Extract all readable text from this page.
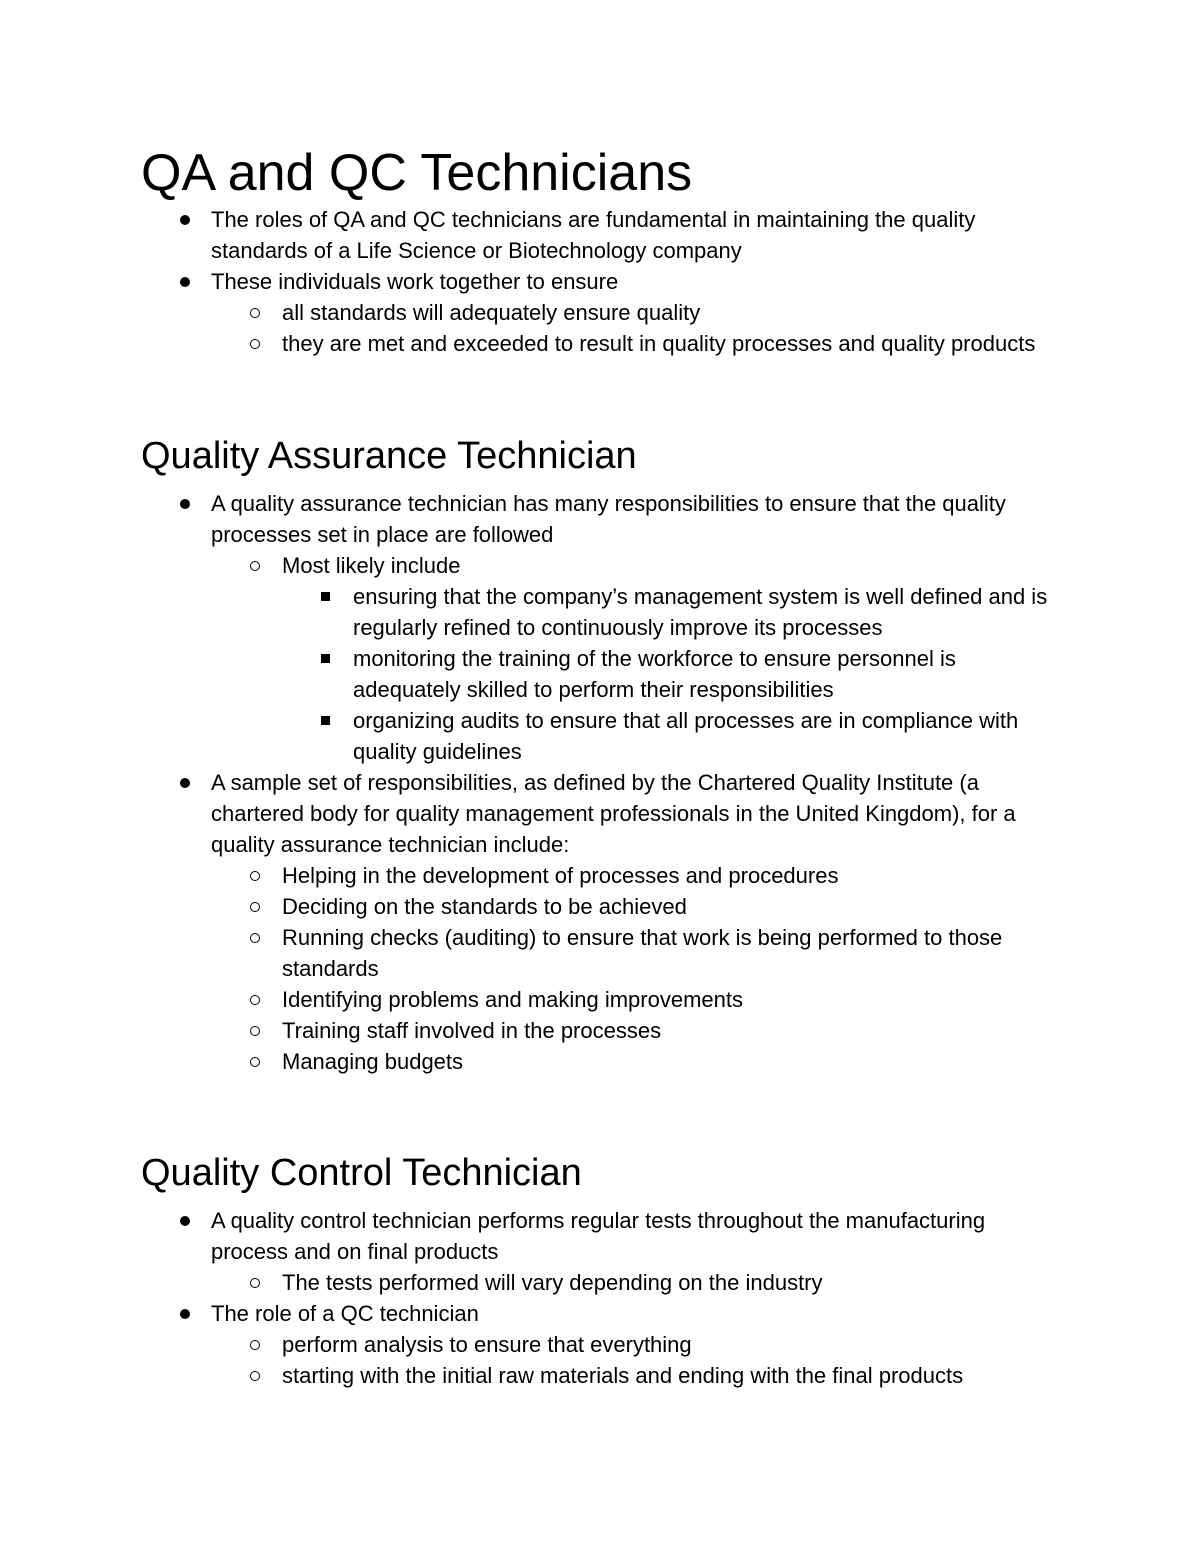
QA and QC Technicians
The roles of QA and QC technicians are fundamental in maintaining the quality standards of a Life Science or Biotechnology company
These individuals work together to ensure
all standards will adequately ensure quality
they are met and exceeded to result in quality processes and quality products
Quality Assurance Technician
A quality assurance technician has many responsibilities to ensure that the quality processes set in place are followed
Most likely include
ensuring that the company’s management system is well defined and is regularly refined to continuously improve its processes
monitoring the training of the workforce to ensure personnel is adequately skilled to perform their responsibilities
organizing audits to ensure that all processes are in compliance with quality guidelines
A sample set of responsibilities, as defined by the Chartered Quality Institute (a chartered body for quality management professionals in the United Kingdom), for a quality assurance technician include:
Helping in the development of processes and procedures
Deciding on the standards to be achieved
Running checks (auditing) to ensure that work is being performed to those standards
Identifying problems and making improvements
Training staff involved in the processes
Managing budgets
Quality Control Technician
A quality control technician performs regular tests throughout the manufacturing process and on final products
The tests performed will vary depending on the industry
The role of a QC technician
perform analysis to ensure that everything
starting with the initial raw materials and ending with the final products
